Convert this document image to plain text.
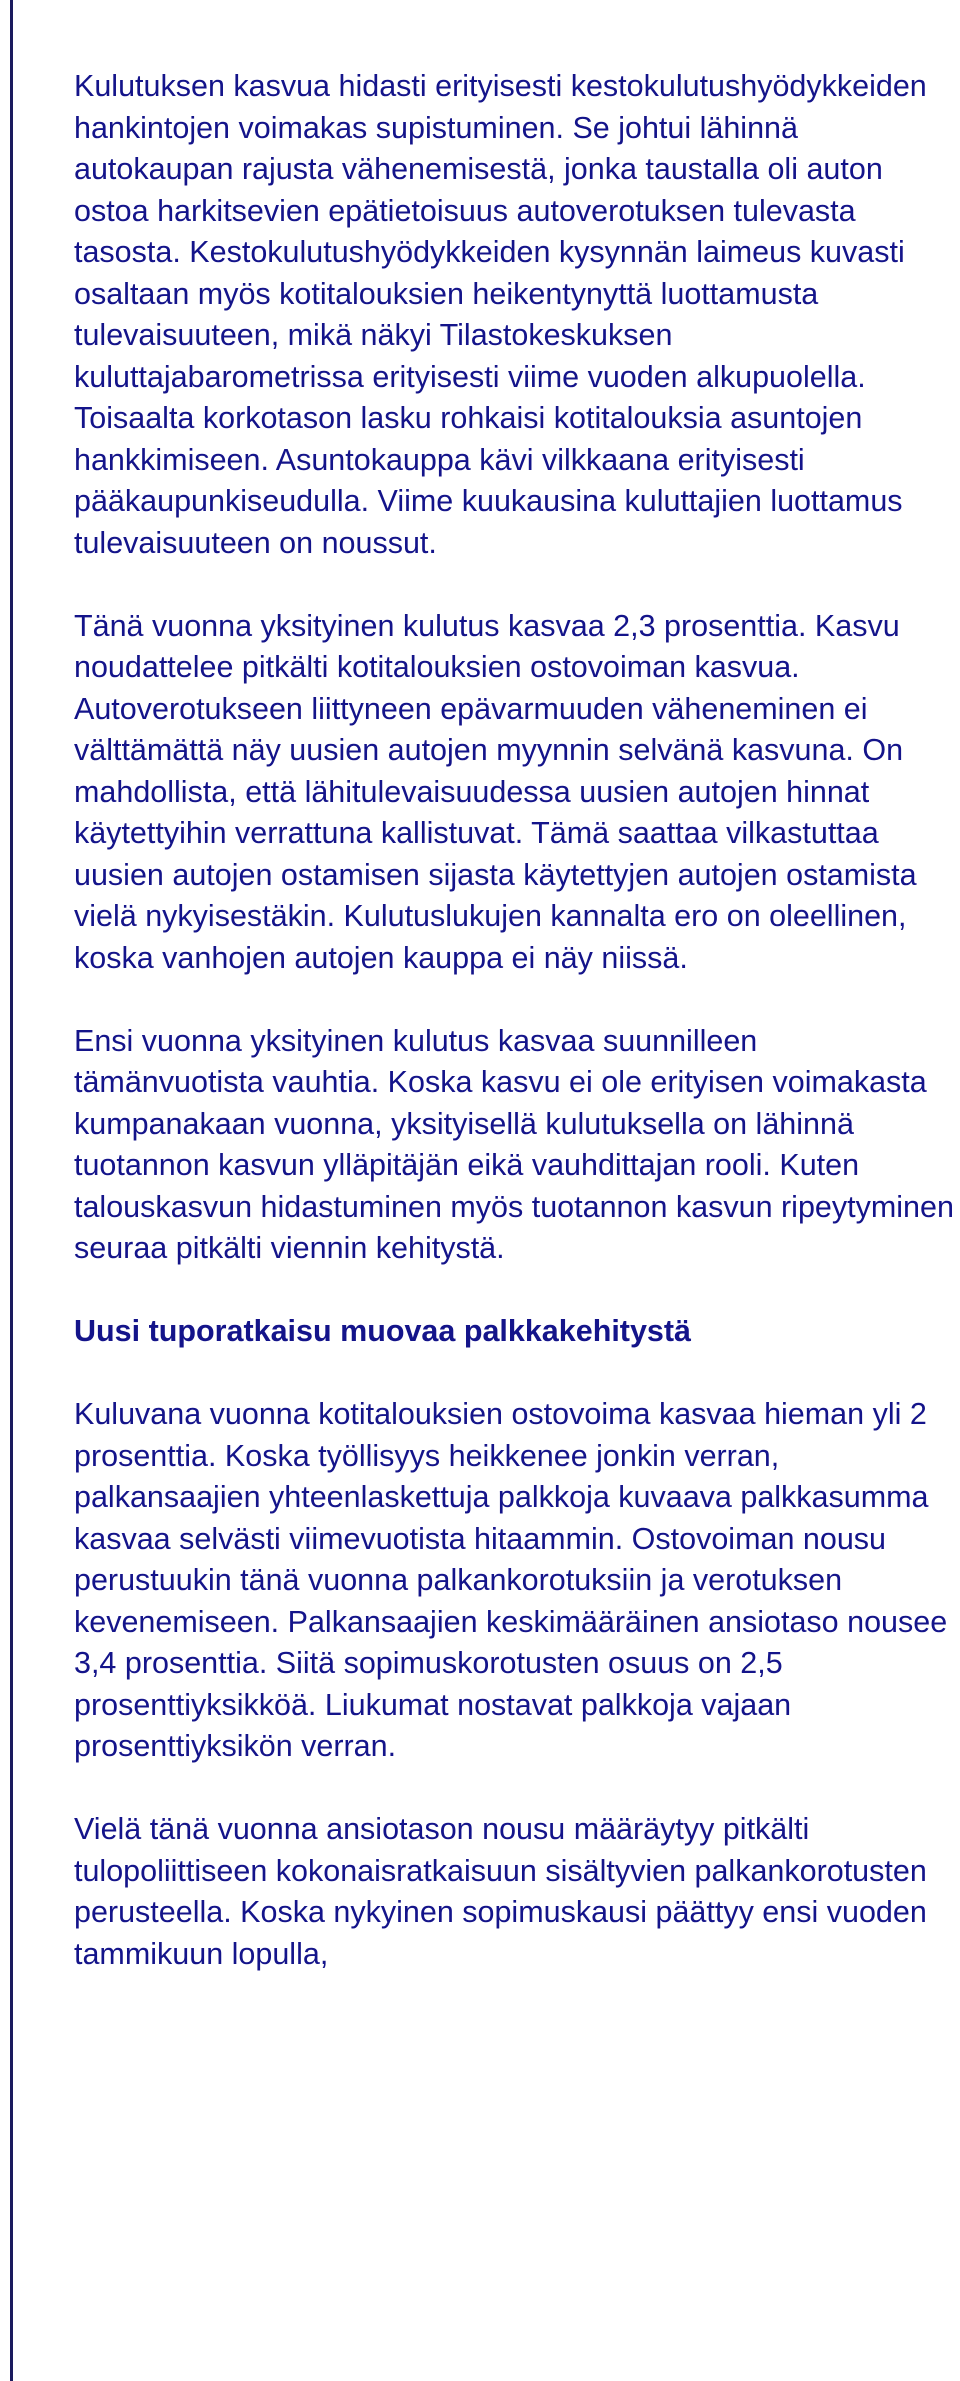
Kulutuksen kasvua hidasti erityisesti kestokulutushyödykkeiden hankintojen voimakas supistuminen. Se johtui lähinnä autokaupan rajusta vähenemisestä, jonka taustalla oli auton ostoa harkitsevien epätietoisuus autoverotuksen tulevasta tasosta. Kestokulutushyödykkeiden kysynnän laimeus kuvasti osaltaan myös kotitalouksien heikentynyttä luottamusta tulevaisuuteen, mikä näkyi Tilastokeskuksen kuluttajabarometrissa erityisesti viime vuoden alkupuolella. Toisaalta korkotason lasku rohkaisi kotitalouksia asuntojen hankkimiseen. Asuntokauppa kävi vilkkaana erityisesti pääkaupunkiseudulla. Viime kuukausina kuluttajien luottamus tulevaisuuteen on noussut.

Tänä vuonna yksityinen kulutus kasvaa 2,3 prosenttia. Kasvu noudattelee pitkälti kotitalouksien ostovoiman kasvua. Autoverotukseen liittyneen epävarmuuden väheneminen ei välttämättä näy uusien autojen myynnin selvänä kasvuna. On mahdollista, että lähitulevaisuudessa uusien autojen hinnat käytettyihin verrattuna kallistuvat. Tämä saattaa vilkastuttaa uusien autojen ostamisen sijasta käytettyjen autojen ostamista vielä nykyisestäkin. Kulutuslukujen kannalta ero on oleellinen, koska vanhojen autojen kauppa ei näy niissä.

Ensi vuonna yksityinen kulutus kasvaa suunnilleen tämänvuotista vauhtia. Koska kasvu ei ole erityisen voimakasta kumpanakaan vuonna, yksityisellä kulutuksella on lähinnä tuotannon kasvun ylläpitäjän eikä vauhdittajan rooli. Kuten talouskasvun hidastuminen myös tuotannon kasvun ripeytyminen seuraa pitkälti viennin kehitystä.

Uusi tuporatkaisu muovaa palkkakehitystä

Kuluvana vuonna kotitalouksien ostovoima kasvaa hieman yli 2 prosenttia. Koska työllisyys heikkenee jonkin verran, palkansaajien yhteenlaskettuja palkkoja kuvaava palkkasumma kasvaa selvästi viimevuotista hitaammin. Ostovoiman nousu perustuukin tänä vuonna palkankorotuksiin ja verotuksen kevenemiseen. Palkansaajien keskimääräinen ansiotaso nousee 3,4 prosenttia. Siitä sopimuskorotusten osuus on 2,5 prosenttiyksikköä. Liukumat nostavat palkkoja vajaan prosenttiyksikön verran.

Vielä tänä vuonna ansiotason nousu määräytyy pitkälti tulopoliittiseen kokonaisratkaisuun sisältyvien palkankorotusten perusteella. Koska nykyinen sopimuskausi päättyy ensi vuoden tammikuun lopulla,
